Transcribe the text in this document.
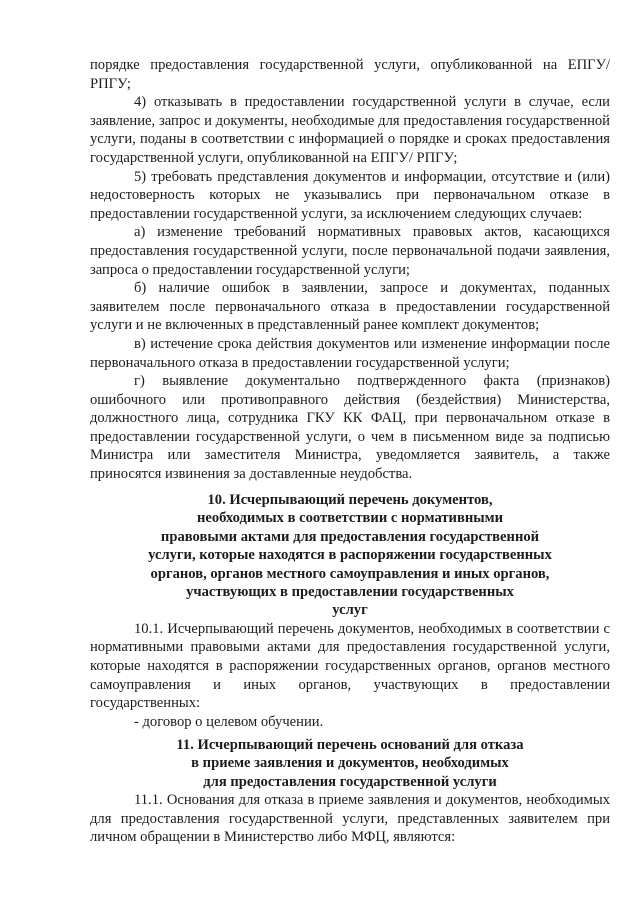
порядке предоставления государственной услуги, опубликованной на ЕПГУ/ РПГУ;

4) отказывать в предоставлении государственной услуги в случае, если заявление, запрос и документы, необходимые для предоставления государственной услуги, поданы в соответствии с информацией о порядке и сроках предоставления государственной услуги, опубликованной на ЕПГУ/ РПГУ;

5) требовать представления документов и информации, отсутствие и (или) недостоверность которых не указывались при первоначальном отказе в предоставлении государственной услуги, за исключением следующих случаев:

а) изменение требований нормативных правовых актов, касающихся предоставления государственной услуги, после первоначальной подачи заявления, запроса о предоставлении государственной услуги;

б) наличие ошибок в заявлении, запросе и документах, поданных заявителем после первоначального отказа в предоставлении государственной услуги и не включенных в представленный ранее комплект документов;

в) истечение срока действия документов или изменение информации после первоначального отказа в предоставлении государственной услуги;

г) выявление документально подтвержденного факта (признаков) ошибочного или противоправного действия (бездействия) Министерства, должностного лица, сотрудника ГКУ КК ФАЦ, при первоначальном отказе в предоставлении государственной услуги, о чем в письменном виде за подписью Министра или заместителя Министра, уведомляется заявитель, а также приносятся извинения за доставленные неудобства.

10. Исчерпывающий перечень документов,

необходимых в соответствии с нормативными

правовыми актами для предоставления государственной

услуги, которые находятся в распоряжении государственных

органов, органов местного самоуправления и иных органов,

участвующих в предоставлении государственных

услуг

10.1. Исчерпывающий перечень документов, необходимых в соответствии с нормативными правовыми актами для предоставления государственной услуги, которые находятся в распоряжении государственных органов, органов местного самоуправления и иных органов, участвующих в предоставлении государственных:

- договор о целевом обучении.

11. Исчерпывающий перечень оснований для отказа

в приеме заявления и документов, необходимых

для предоставления государственной услуги

11.1. Основания для отказа в приеме заявления и документов, необходимых для предоставления государственной услуги, представленных заявителем при личном обращении в Министерство либо МФЦ, являются:
